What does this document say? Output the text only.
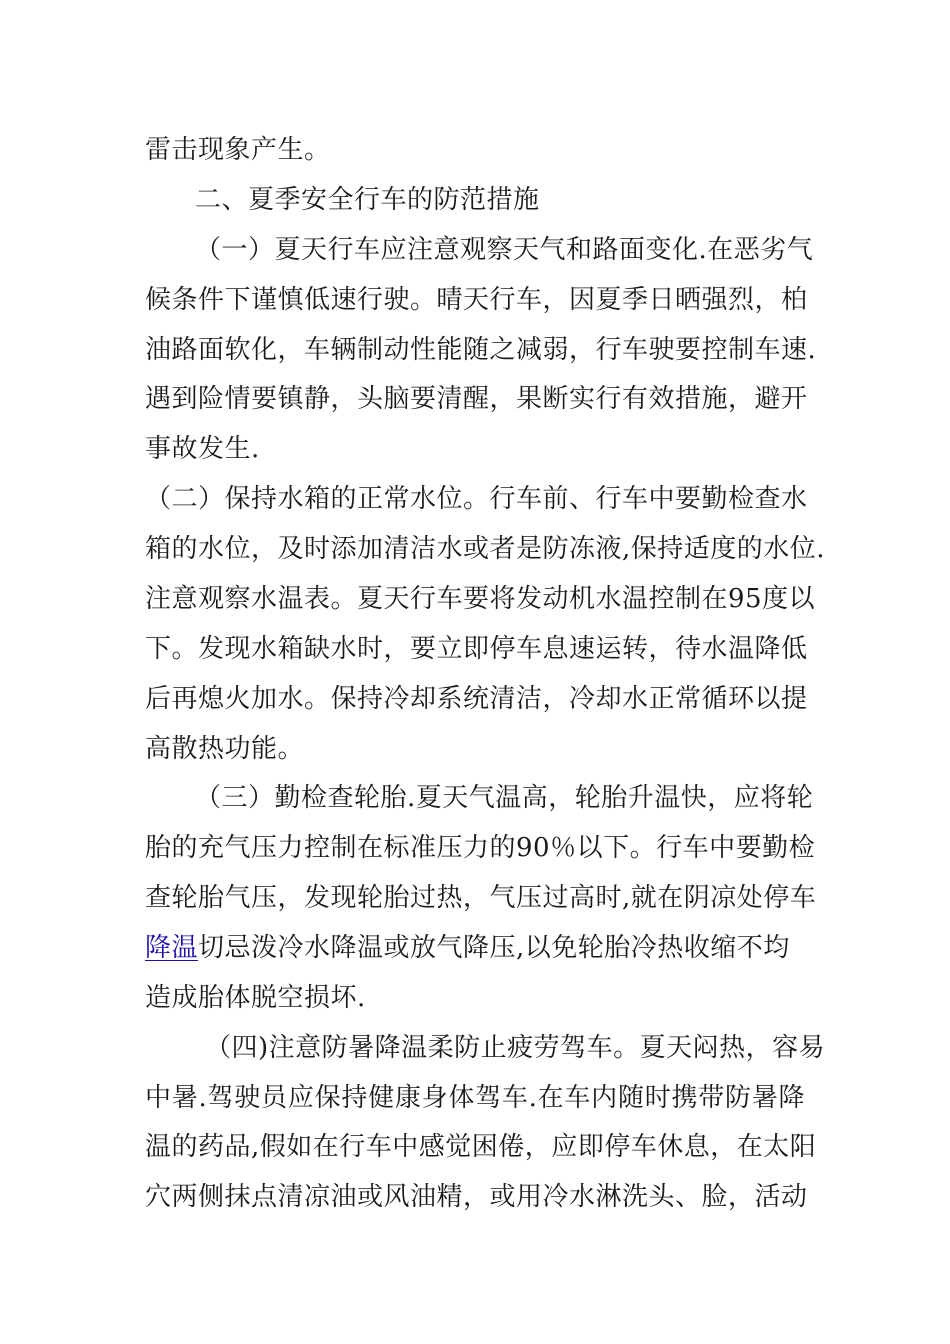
雷击现象产生。
二、夏季安全行车的防范措施
（一）夏天行车应注意观察天气和路面变化.在恶劣气
候条件下谨慎低速行驶。晴天行车，因夏季日晒强烈，柏
油路面软化，车辆制动性能随之减弱，行车驶要控制车速.
遇到险情要镇静，头脑要清醒，果断实行有效措施，避开
事故发生.
（二）保持水箱的正常水位。行车前、行车中要勤检查水
箱的水位，及时添加清洁水或者是防冻液,保持适度的水位.
注意观察水温表。夏天行车要将发动机水温控制在95度以
下。发现水箱缺水时，要立即停车息速运转，待水温降低
后再熄火加水。保持冷却系统清洁，冷却水正常循环以提
高散热功能。
（三）勤检查轮胎.夏天气温高，轮胎升温快，应将轮
胎的充气压力控制在标准压力的90％以下。行车中要勤检
查轮胎气压，发现轮胎过热，气压过高时,就在阴凉处停车
降温切忌泼冷水降温或放气降压,以免轮胎冷热收缩不均
造成胎体脱空损坏.
（四)注意防暑降温柔防止疲劳驾车。夏天闷热，容易
中暑.驾驶员应保持健康身体驾车.在车内随时携带防暑降
温的药品,假如在行车中感觉困倦，应即停车休息，在太阳
穴两侧抹点清凉油或风油精，或用冷水淋洗头、脸，活动
